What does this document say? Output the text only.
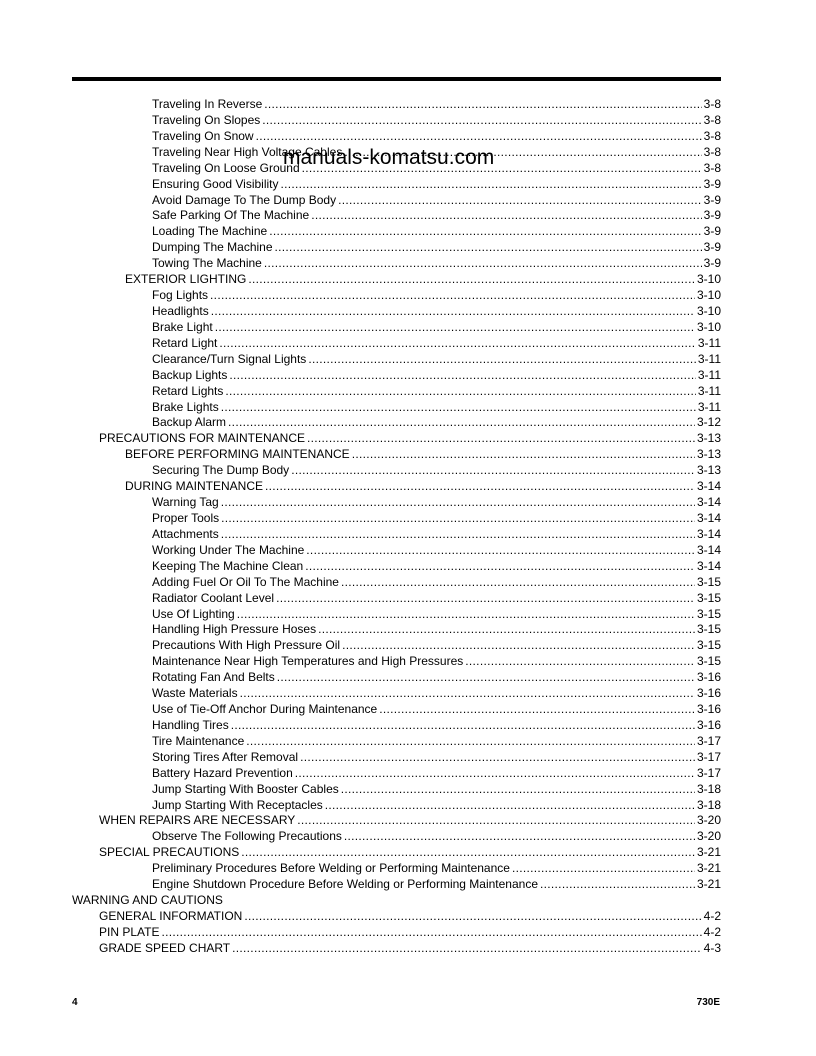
Traveling In Reverse .....	3-8
Traveling On Slopes .....	3-8
Traveling On Snow .....	3-8
Traveling Near High Voltage Cables .....	3-8
Traveling On Loose Ground .....	3-8
Ensuring Good Visibility .....	3-9
Avoid Damage To The Dump Body .....	3-9
Safe Parking Of The Machine .....	3-9
Loading The Machine .....	3-9
Dumping The Machine .....	3-9
Towing The Machine .....	3-9
EXTERIOR LIGHTING .....	3-10
Fog Lights .....	3-10
Headlights .....	3-10
Brake Light .....	3-10
Retard Light .....	3-11
Clearance/Turn Signal Lights .....	3-11
Backup Lights .....	3-11
Retard Lights .....	3-11
Brake Lights .....	3-11
Backup Alarm .....	3-12
PRECAUTIONS FOR MAINTENANCE .....	3-13
BEFORE PERFORMING MAINTENANCE .....	3-13
Securing The Dump Body .....	3-13
DURING MAINTENANCE .....	3-14
Warning Tag .....	3-14
Proper Tools .....	3-14
Attachments .....	3-14
Working Under The Machine .....	3-14
Keeping The Machine Clean .....	3-14
Adding Fuel Or Oil To The Machine .....	3-15
Radiator Coolant Level .....	3-15
Use Of Lighting .....	3-15
Handling High Pressure Hoses .....	3-15
Precautions With High Pressure Oil .....	3-15
Maintenance Near High Temperatures and High Pressures .....	3-15
Rotating Fan And Belts .....	3-16
Waste Materials .....	3-16
Use of Tie-Off Anchor During Maintenance .....	3-16
Handling Tires .....	3-16
Tire Maintenance .....	3-17
Storing Tires After Removal .....	3-17
Battery Hazard Prevention .....	3-17
Jump Starting With Booster Cables .....	3-18
Jump Starting With Receptacles .....	3-18
WHEN REPAIRS ARE NECESSARY .....	3-20
Observe The Following Precautions .....	3-20
SPECIAL PRECAUTIONS .....	3-21
Preliminary Procedures Before Welding or Performing Maintenance .....	3-21
Engine Shutdown Procedure Before Welding or Performing Maintenance .....	3-21
WARNING AND CAUTIONS
GENERAL INFORMATION .....	4-2
PIN PLATE .....	4-2
GRADE SPEED CHART .....	4-3
manuals-komatsu.com
4	730E
